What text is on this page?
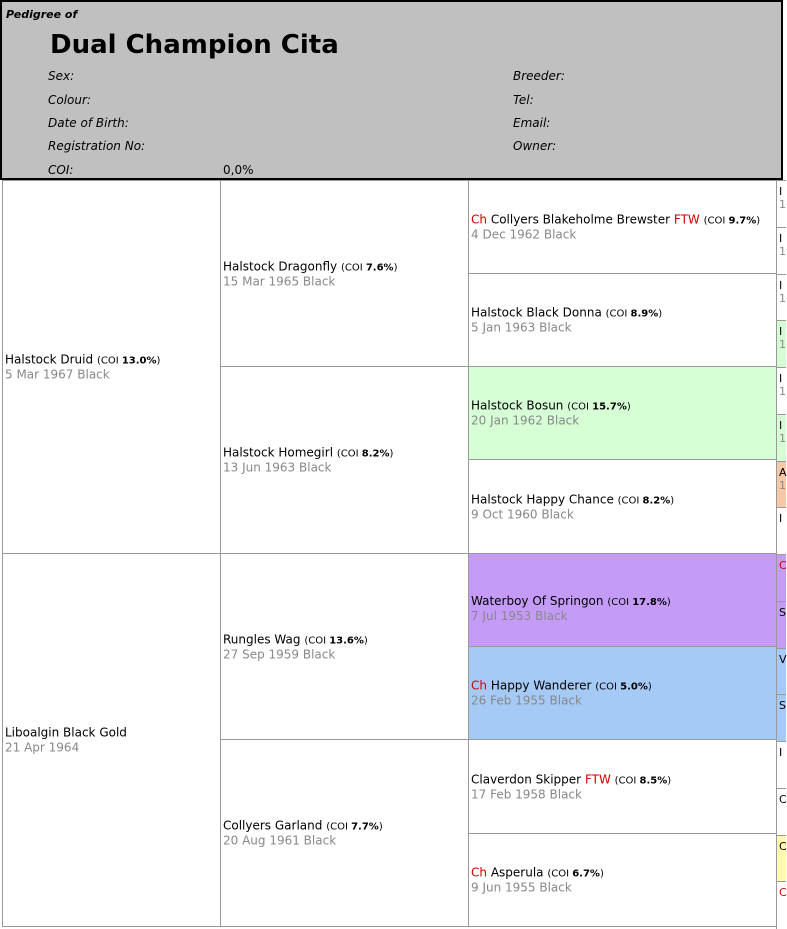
Pedigree of
Dual Champion Cita
Sex:
Colour:
Date of Birth:
Registration No:
COI:	0,0%
Breeder:
Tel:
Email:
Owner:
Halstock Druid (COI 13.0%)
5 Mar 1967 Black
Liboalgin Black Gold
21 Apr 1964
Halstock Dragonfly (COI 7.6%)
15 Mar 1965 Black
Halstock Homegirl (COI 8.2%)
13 Jun 1963 Black
Rungles Wag (COI 13.6%)
27 Sep 1959 Black
Collyers Garland (COI 7.7%)
20 Aug 1961 Black
Ch Collyers Blakeholme Brewster FTW (COI 9.7%)
4 Dec 1962 Black
Halstock Black Donna (COI 8.9%)
5 Jan 1963 Black
Halstock Bosun (COI 15.7%)
20 Jan 1962 Black
Halstock Happy Chance (COI 8.2%)
9 Oct 1960 Black
Waterboy Of Springon (COI 17.8%)
7 Jul 1953 Black
Ch Happy Wanderer (COI 5.0%)
26 Feb 1955 Black
Claverdon Skipper FTW (COI 8.5%)
17 Feb 1958 Black
Ch Asperula (COI 6.7%)
9 Jun 1955 Black
I
1
I
1
I
1
I
1
I
1
I
1
A
1
I
C
S
V
S
I
C
C
C
